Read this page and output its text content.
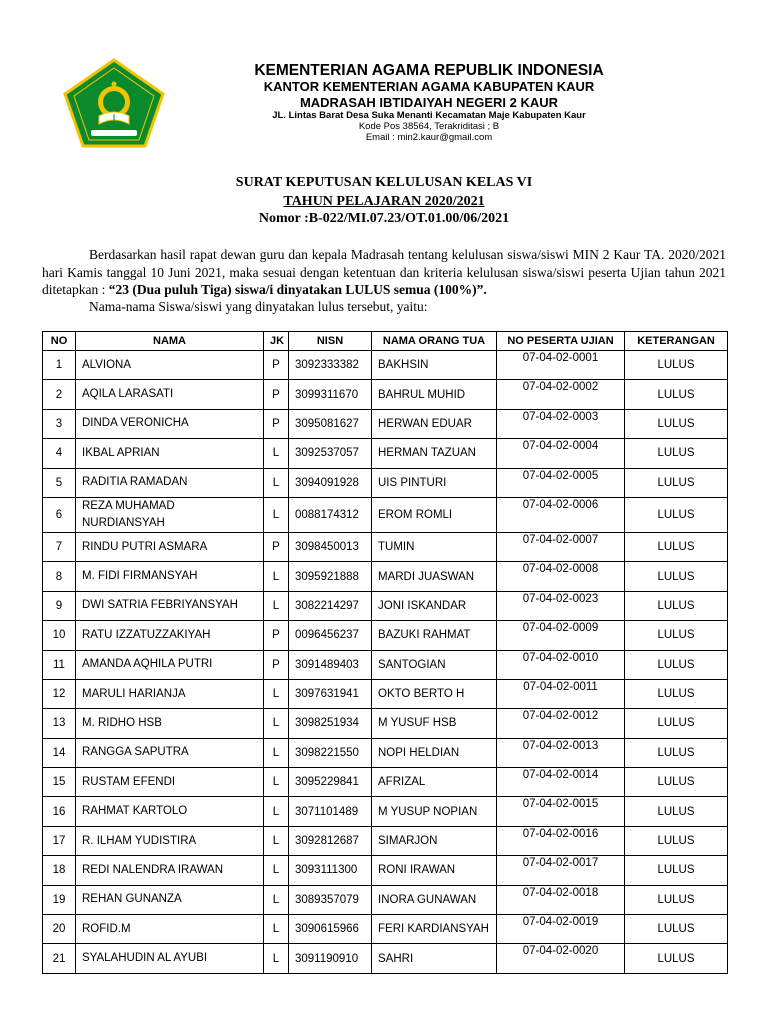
KEMENTERIAN AGAMA REPUBLIK INDONESIA
KANTOR KEMENTERIAN AGAMA KABUPATEN KAUR
MADRASAH IBTIDAIYAH NEGERI 2 KAUR
JL. Lintas Barat Desa Suka Menanti Kecamatan Maje Kabupaten Kaur
Kode Pos 38564, Terakriditasi ; B
Email : min2.kaur@gmail.com
SURAT KEPUTUSAN KELULUSAN KELAS VI
TAHUN PELAJARAN 2020/2021
Nomor :B-022/MI.07.23/OT.01.00/06/2021
Berdasarkan hasil rapat dewan guru dan kepala Madrasah tentang kelulusan siswa/siswi MIN 2 Kaur TA. 2020/2021 hari Kamis tanggal 10 Juni 2021, maka sesuai dengan ketentuan dan kriteria kelulusan siswa/siswi peserta Ujian tahun 2021 ditetapkan : “23 (Dua puluh Tiga) siswa/i dinyatakan LULUS semua (100%)”.
Nama-nama Siswa/siswi yang dinyatakan lulus tersebut, yaitu:
NO	NAMA	JK	NISN	NAMA ORANG TUA	NO PESERTA UJIAN	KETERANGAN
1	ALVIONA	P	3092333382	BAKHSIN	07-04-02-0001	LULUS
2	AQILA LARASATI	P	3099311670	BAHRUL MUHID	07-04-02-0002	LULUS
3	DINDA VERONICHA	P	3095081627	HERWAN EDUAR	07-04-02-0003	LULUS
4	IKBAL APRIAN	L	3092537057	HERMAN TAZUAN	07-04-02-0004	LULUS
5	RADITIA RAMADAN	L	3094091928	UIS PINTURI	07-04-02-0005	LULUS
6	REZA MUHAMAD NURDIANSYAH	L	0088174312	EROM ROMLI	07-04-02-0006	LULUS
7	RINDU PUTRI ASMARA	P	3098450013	TUMIN	07-04-02-0007	LULUS
8	M. FIDI FIRMANSYAH	L	3095921888	MARDI JUASWAN	07-04-02-0008	LULUS
9	DWI SATRIA FEBRIYANSYAH	L	3082214297	JONI ISKANDAR	07-04-02-0023	LULUS
10	RATU IZZATUZZAKIYAH	P	0096456237	BAZUKI RAHMAT	07-04-02-0009	LULUS
11	AMANDA AQHILA PUTRI	P	3091489403	SANTOGIAN	07-04-02-0010	LULUS
12	MARULI HARIANJA	L	3097631941	OKTO BERTO H	07-04-02-0011	LULUS
13	M. RIDHO HSB	L	3098251934	M YUSUF HSB	07-04-02-0012	LULUS
14	RANGGA SAPUTRA	L	3098221550	NOPI HELDIAN	07-04-02-0013	LULUS
15	RUSTAM EFENDI	L	3095229841	AFRIZAL	07-04-02-0014	LULUS
16	RAHMAT KARTOLO	L	3071101489	M YUSUP NOPIAN	07-04-02-0015	LULUS
17	R. ILHAM YUDISTIRA	L	3092812687	SIMARJON	07-04-02-0016	LULUS
18	REDI NALENDRA IRAWAN	L	3093111300	RONI IRAWAN	07-04-02-0017	LULUS
19	REHAN GUNANZA	L	3089357079	INORA GUNAWAN	07-04-02-0018	LULUS
20	ROFID.M	L	3090615966	FERI KARDIANSYAH	07-04-02-0019	LULUS
21	SYALAHUDIN AL AYUBI	L	3091190910	SAHRI	07-04-02-0020	LULUS
